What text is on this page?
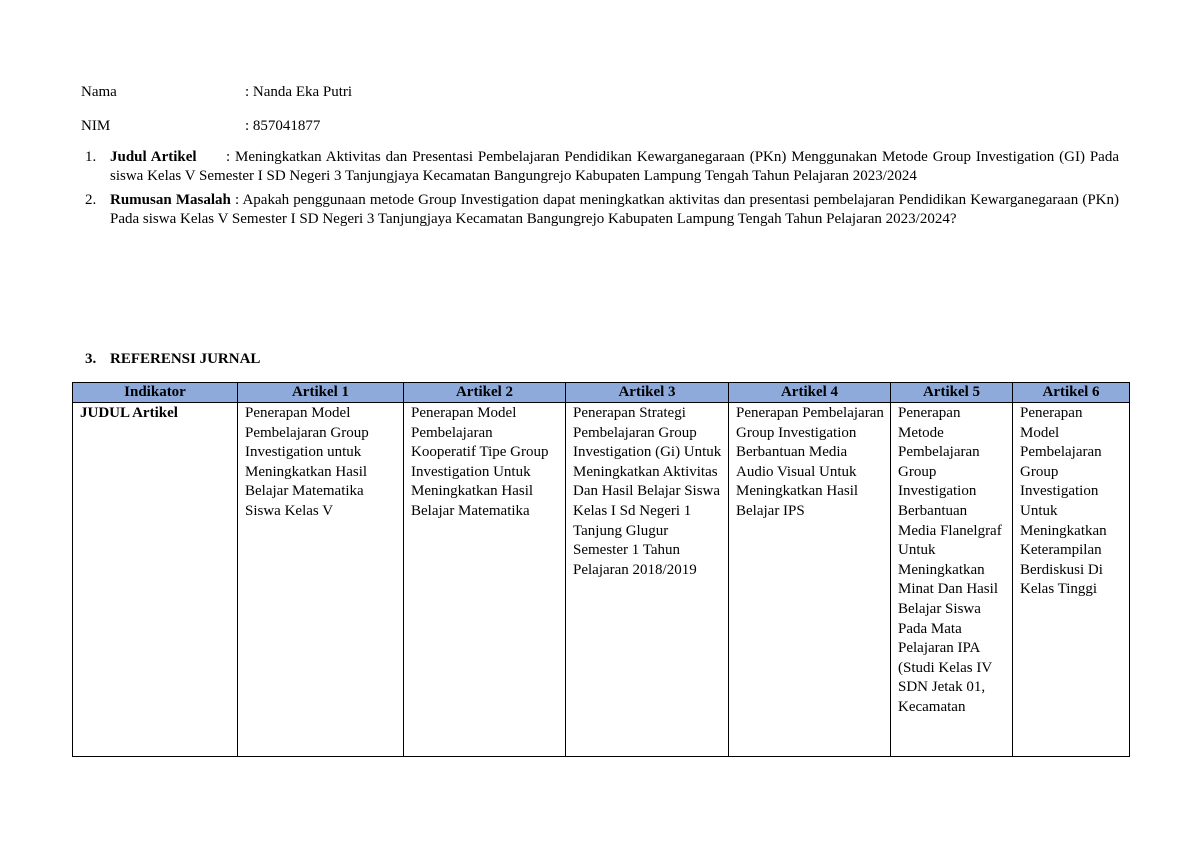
Nama	: Nanda Eka Putri
NIM	: 857041877
1. Judul Artikel      : Meningkatkan Aktivitas dan Presentasi Pembelajaran Pendidikan Kewarganegaraan (PKn) Menggunakan Metode Group Investigation (GI) Pada siswa Kelas V Semester I SD Negeri 3 Tanjungjaya Kecamatan Bangungrejo Kabupaten Lampung Tengah Tahun Pelajaran 2023/2024
2. Rumusan Masalah : Apakah penggunaan metode Group Investigation dapat meningkatkan aktivitas dan presentasi pembelajaran Pendidikan Kewarganegaraan (PKn) Pada siswa Kelas V Semester I SD Negeri 3 Tanjungjaya Kecamatan Bangungrejo Kabupaten Lampung Tengah Tahun Pelajaran 2023/2024?
3. REFERENSI JURNAL
Indikator	Artikel 1	Artikel 2	Artikel 3	Artikel 4	Artikel 5	Artikel 6
JUDUL Artikel	Penerapan Model Pembelajaran Group Investigation untuk Meningkatkan Hasil Belajar Matematika Siswa Kelas V	Penerapan Model Pembelajaran Kooperatif Tipe Group Investigation Untuk Meningkatkan Hasil Belajar Matematika	Penerapan Strategi Pembelajaran Group Investigation (Gi) Untuk Meningkatkan Aktivitas Dan Hasil Belajar Siswa Kelas I Sd Negeri 1 Tanjung Glugur Semester 1 Tahun Pelajaran 2018/2019	Penerapan Pembelajaran Group Investigation Berbantuan Media Audio Visual Untuk Meningkatkan Hasil Belajar IPS	Penerapan Metode Pembelajaran Group Investigation Berbantuan Media Flanelgraf Untuk Meningkatkan Minat Dan Hasil Belajar Siswa Pada Mata Pelajaran IPA (Studi Kelas IV SDN Jetak 01, Kecamatan	Penerapan Model Pembelajaran Group Investigation Untuk Meningkatkan Keterampilan Berdiskusi Di Kelas Tinggi
